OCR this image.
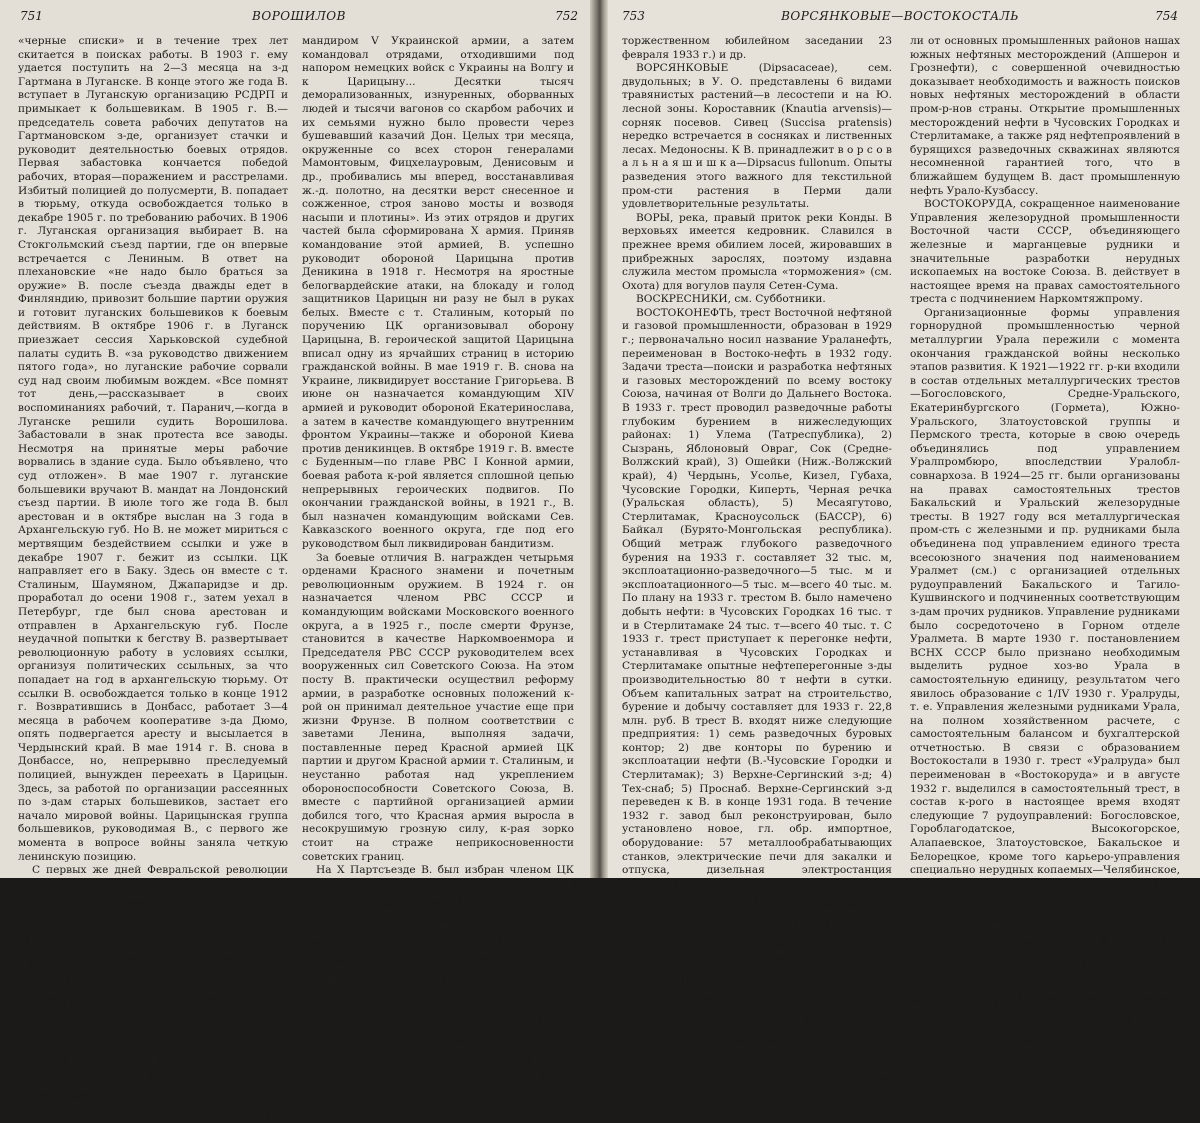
751	ВОРОШИЛОВ	752

«черные списки» и в течение трех лет скитается в поисках работы. В 1903 г. ему удается поступить на 2—3 месяца на з-д Гартмана в Луганске. В конце этого же года В. вступает в Луганскую организацию РСДРП и примыкает к большевикам. В 1905 г. В.—председатель совета рабочих депутатов на Гартмановском з-де, организует стачки и руководит деятельностью боевых отрядов. Первая забастовка кончается победой рабочих, вторая—поражением и расстрелами. Избитый полицией до полусмерти, В. попадает в тюрьму, откуда освобождается только в декабре 1905 г. по требованию рабочих. В 1906 г. Луганская организация выбирает В. на Стокгольмский съезд партии, где он впервые встречается с Лениным. В ответ на плехановские «не надо было браться за оружие» В. после съезда дважды едет в Финляндию, привозит большие партии оружия и готовит луганских большевиков к боевым действиям. В октябре 1906 г. в Луганск приезжает сессия Харьковской судебной палаты судить В. «за руководство движением пятого года», но луганские рабочие сорвали суд над своим любимым вождем. «Все помнят тот день,—рассказывает в своих воспоминаниях рабочий, т. Паранич,—когда в Луганске решили судить Ворошилова. Забастовали в знак протеста все заводы. Несмотря на принятые меры рабочие ворвались в здание суда. Было объявлено, что суд отложен». В мае 1907 г. луганские большевики вручают В. мандат на Лондонский съезд партии. В июле того же года В. был арестован и в октябре выслан на 3 года в Архангельскую губ. Но В. не может мириться с мертвящим бездействием ссылки и уже в декабре 1907 г. бежит из ссылки. ЦК направляет его в Баку. Здесь он вместе с т. Сталиным, Шаумяном, Джапаридзе и др. проработал до осени 1908 г., затем уехал в Петербург, где был снова арестован и отправлен в Архангельскую губ. После неудачной попытки к бегству В. развертывает революционную работу в условиях ссылки, организуя политических ссыльных, за что попадает на год в архангельскую тюрьму. От ссылки В. освобождается только в конце 1912 г. Возвратившись в Донбасс, работает 3—4 месяца в рабочем кооперативе з-да Дюмо, опять подвергается аресту и высылается в Чердынский край. В мае 1914 г. В. снова в Донбассе, но, непрерывно преследуемый полицией, вынужден переехать в Царицын. Здесь, за работой по организации рассеянных по з-дам старых большевиков, застает его начало мировой войны. Царицынская группа большевиков, руководимая В., с первого же момента в вопросе войны заняла четкую ленинскую позицию.

С первых же дней Февральской революции В. в рядах Петроградского С.Р.Д., член бюро фракции большевиков. По призыву Луганской организации в марте 1917 г. едет в Луганск. Там в качестве председателя Совета и городского головы ведет упорную борьбу с меньшевиками. Под его руководством Луганский совет становится надежнейшей крепостью большевизма. В ноябре В., избранный членом Учредительного собрания, едет в Петроград, работает там в качестве комиссара Петрограда (по градоначальству) и—вместе с Дзержинским—по организации ВЧК. С марта 1918 г. начинается военный период деятельности В. «Военную работу,—пишет В. в автобиографии,—начал с отряда, организованного в 1918 г. и в марте под моим командованием дравшегося с оккупационными немецкими войсками. Вскоре был назначен ко-

мандиром V Украинской армии, а затем командовал отрядами, отходившими под напором немецких войск с Украины на Волгу и к Царицыну... Десятки тысяч деморализованных, изнуренных, оборванных людей и тысячи вагонов со скарбом рабочих и их семьями нужно было провести через бушевавший казачий Дон. Целых три месяца, окруженные со всех сторон генералами Мамонтовым, Фицхелауровым, Денисовым и др., пробивались мы вперед, восстанавливая ж.-д. полотно, на десятки верст снесенное и сожженное, строя заново мосты и возводя насыпи и плотины». Из этих отрядов и других частей была сформирована X армия. Приняв командование этой армией, В. успешно руководит обороной Царицына против Деникина в 1918 г. Несмотря на яростные белогвардейские атаки, на блокаду и голод защитников Царицын ни разу не был в руках белых. Вместе с т. Сталиным, который по поручению ЦК организовывал оборону Царицына, В. героической защитой Царицына вписал одну из ярчайших страниц в историю гражданской войны. В мае 1919 г. В. снова на Украине, ликвидирует восстание Григорьева. В июне он назначается командующим XIV армией и руководит обороной Екатеринослава, а затем в качестве командующего внутренним фронтом Украины—также и обороной Киева против деникинцев. В октябре 1919 г. В. вместе с Буденным—по главе РВС I Конной армии, боевая работа к-рой является сплошной цепью непрерывных героических подвигов. По окончании гражданской войны, в 1921 г., В. был назначен командующим войсками Сев. Кавказского военного округа, где под его руководством был ликвидирован бандитизм.

За боевые отличия В. награжден четырьмя орденами Красного знамени и почетным революционным оружием. В 1924 г. он назначается членом РВС СССР и командующим войсками Московского военного округа, а в 1925 г., после смерти Фрунзе, становится в качестве Наркомвоенмора и Председателя РВС СССР руководителем всех вооруженных сил Советского Союза. На этом посту В. практически осуществил реформу армии, в разработке основных положений к-рой он принимал деятельное участие еще при жизни Фрунзе. В полном соответствии с заветами Ленина, выполняя задачи, поставленные перед Красной армией ЦК партии и другом Красной армии т. Сталиным, и неустанно работая над укреплением обороноспособности Советского Союза, В. вместе с партийной организацией армии добился того, что Красная армия выросла в несокрушимую грозную силу, к-рая зорко стоит на страже неприкосновенности советских границ.

На X Партсъезде В. был избран членом ЦК ВКП(б) и с тех пор переизбирался всеми последующими партийными съездами. С 1926 г. он бессменный член Политбюро. Верный ученик Ленина, ближайший соратник Сталина, твердый борец за генеральную линию партии, за 30 лет своей революционной работы В. никогда не отрывался от рабочего класса и его большевистской партии, никогда не колебался, не сбивался с ленинского пути. Таким, как он, сильна наша партия, и только Ленинская партия могла выковать Клима Ворошилова, большевика-полководца, вождя Красной армии, надавшегося международного пролетарского революционера. В. написан ряд трудов: «Оборона СССР», М., 1927; «Сталин и Красная армия», М., 1929; «15 лет Красной армии» (доклад на

753	ВОРСЯНКОВЫЕ—ВОСТОКОСТАЛЬ	754

торжественном юбилейном заседании 23 февраля 1933 г.) и др.

ВОРСЯНКОВЫЕ (Dipsacaceae), сем. двудольных; в У. О. представлены 6 видами травянистых растений—в лесостепи и на Ю. лесной зоны. Короставник (Knautia arvensis)—сорняк посевов. Сивец (Succisa pratensis) нередко встречается в сосняках и лиственных лесах. Медоносны. К В. принадлежит в о р с о в а л ь н а я ш и ш к а—Dipsacus fullonum. Опыты разведения этого важного для текстильной пром-сти растения в Перми дали удовлетворительные результаты.

ВОРЫ, река, правый приток реки Конды. В верховьях имеется кедровник. Славился в прежнее время обилием лосей, жировавших в прибрежных зарослях, поэтому издавна служила местом промысла «торможения» (см. Охота) для вогулов пауля Сетен-Сума.

ВОСКРЕСНИКИ, см. Субботники.

ВОСТОКОНЕФТЬ, трест Восточной нефтяной и газовой промышленности, образован в 1929 г.; первоначально носил название Ураланефть, переименован в Востоко-нефть в 1932 году. Задачи треста—поиски и разработка нефтяных и газовых месторождений по всему востоку Союза, начиная от Волги до Дальнего Востока. В 1933 г. трест проводил разведочные работы глубоким бурением в нижеследующих районах: 1) Улема (Татреспублика), 2) Сызрань, Яблоновый Овраг, Сок (Средне-Волжский край), 3) Ошейки (Ниж.-Волжский край), 4) Чердынь, Усолье, Кизел, Губаха, Чусовские Городки, Киперть, Черная речка (Уральская область), 5) Месаягутово, Стерлитамак, Красноусольск (БАССР), 6) Байкал (Бурято-Монгольская республика). Общий метраж глубокого разведочного бурения на 1933 г. составляет 32 тыс. м, эксплоатационно-разведочного—5 тыс. м и эксплоатационного—5 тыс. м—всего 40 тыс. м. По плану на 1933 г. трестом В. было намечено добыть нефти: в Чусовских Городках 16 тыс. т и в Стерлитамаке 24 тыс. т—всего 40 тыс. т. С 1933 г. трест приступает к перегонке нефти, устанавливая в Чусовских Городках и Стерлитамаке опытные нефтеперегонные з-ды производительностью 80 т нефти в сутки. Объем капитальных затрат на строительство, бурение и добычу составляет для 1933 г. 22,8 млн. руб. В трест В. входят ниже следующие предприятия: 1) семь разведочных буровых контор; 2) две конторы по бурению и эксплоатации нефти (В.-Чусовские Городки и Стерлитамак); 3) Верхне-Сергинский з-д; 4) Тех-снаб; 5) Проснаб. Верхне-Сергинский з-д переведен к В. в конце 1931 года. В течение 1932 г. завод был реконструирован, было установлено новое, гл. обр. импортное, оборудование: 57 металлообрабатывающих станков, электрические печи для закалки и отпуска, дизельная электростанция мощностью 700 kW. Завод предназначен для изготовления специального режущего инструмента для бурения в твердых породах, ранее ввозимого из-за границы. В течение 1932 г. это производство в основном было освоено з-дом, и трест В. производил буровые работы исключительно шарошечным инструментом собственного изготовления, сэкономив в течение года около 500 тыс. руб. валюты. Основные задачи треста В. в дальнейшем заключаются в еще более широком охвате глубоким разведочным бурением всех выявленных поверхностными геологическими работами объектов, могущих дать нефть. Крайне невыгодное расположение, вза-

ли от основных промышленных районов нашах южных нефтяных месторождений (Апшерон и Грознефти), с совершенной очевидностью доказывает необходимость и важность поисков новых нефтяных месторождений в области пром-р-нов страны. Открытие промышленных месторождений нефти в Чусовских Городках и Стерлитамаке, а также ряд нефтепроявлений в бурящихся разведочных скважинах являются несомненной гарантией того, что в ближайшем будущем В. даст промышленную нефть Урало-Кузбассу.

ВОСТОКОРУДА, сокращенное наименование Управления железорудной промышленности Восточной части СССР, объединяющего железные и марганцевые рудники и значительные разработки нерудных ископаемых на востоке Союза. В. действует в настоящее время на правах самостоятельного треста с подчинением Наркомтяжпрому.

Организационные формы управления горнорудной промышленностью черной металлургии Урала пережили с момента окончания гражданской войны несколько этапов развития. К 1921—1922 гг. р-ки входили в состав отдельных металлургических трестов—Богословского, Средне-Уральского, Екатеринбургского (Гормета), Южно-Уральского, Златоустовской группы и Пермского треста, которые в свою очередь объединялись под управлением Уралпромбюро, впоследствии Уралоблсовнархоза. В 1924—25 гг. были организованы на правах самостоятельных трестов Бакальский и Уральский железорудные тресты. В 1927 году вся металлургическая пром-сть с железными и пр. рудниками была объединена под управлением единого треста всесоюзного значения под наименованием Уралмет (см.) с организацией отдельных рудоуправлений Бакальского и Тагило-Кушвинского и подчиненных соответствующим з-дам прочих рудников. Управление рудниками было сосредоточено в Горном отделе Уралмета. В марте 1930 г. постановлением ВСНХ СССР было признано необходимым выделить рудное хоз-во Урала в самостоятельную единицу, результатом чего явилось образование с 1/IV 1930 г. Уралруды, т. е. Управления железными рудниками Урала, на полном хозяйственном расчете, с самостоятельным балансом и бухгалтерской отчетностью. В связи с образованием Востокостали в 1930 г. трест «Уралруда» был переименован в «Востокоруда» и в августе 1932 г. выделился в самостоятельный трест, в состав к-рого в настоящее время входят следующие 7 рудоуправлений: Богословское, Гороблагодатское, Высокогорское, Алапаевское, Златоустовское, Бакальское и Белорецкое, кроме того карьеро-управления специально нерудных копаемых—Челябинское, Билимбаевское, Троицкое и др. В задачи В. входит управление и руководство работой рудоуправлений как в части эксплоатационной, так и в части капитального строительства, реконструкции (в направлении обеспечения металлургической пром-сти, объединенной Востокосталью, основными минеральными сырьем и подготовки прочной сырьевой базы для развертывания черной металлургии УКК на 2-е пятилетие. Данные, характеризующие объем производства, количество трудящихся и т. д., см. Железорудная промышленность.

Н. Саухот.

ВОСТОКОСТАЛЬ. Государственное Всесоюзное объединение метал-
